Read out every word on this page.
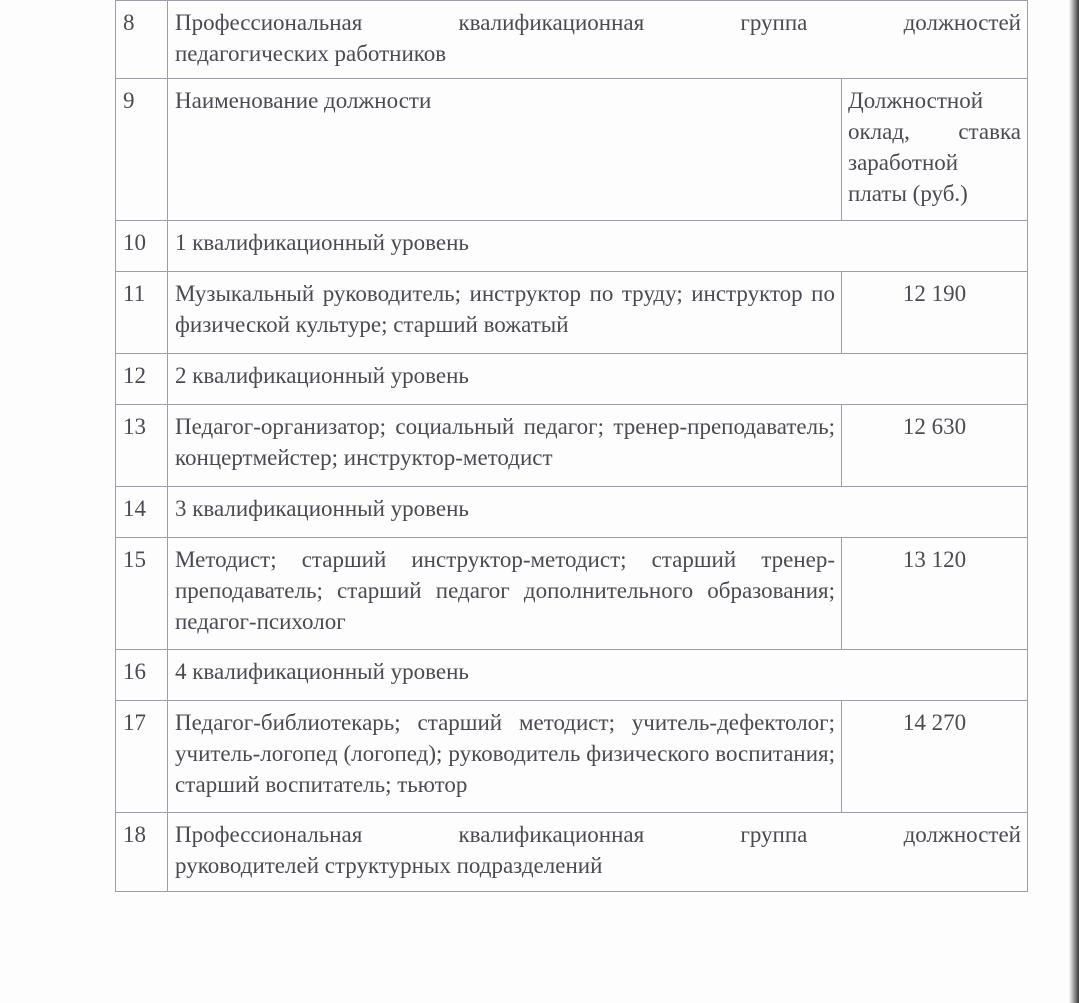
8	Профессиональная квалификационная группа должностей
педагогических работников	

9	Наименование должности	Должностной оклад, ставка заработной платы (руб.)
10	1 квалификационный уровень	
11	Музыкальный руководитель; инструктор по труду; инструктор по физической культуре; старший вожатый	12 190
12	2 квалификационный уровень	
13	Педагог-организатор; социальный педагог; тренер-преподаватель; концертмейстер; инструктор-методист	12 630
14	3 квалификационный уровень	
15	Методист; старший инструктор-методист; старший тренер-преподаватель; старший педагог дополнительного образования; педагог-психолог	13 120
16	4 квалификационный уровень	
17	Педагог-библиотекарь; старший методист; учитель-дефектолог; учитель-логопед (логопед); руководитель физического воспитания; старший воспитатель; тьютор	14 270
18	Профессиональная квалификационная группа должностей
руководителей структурных подразделений	
